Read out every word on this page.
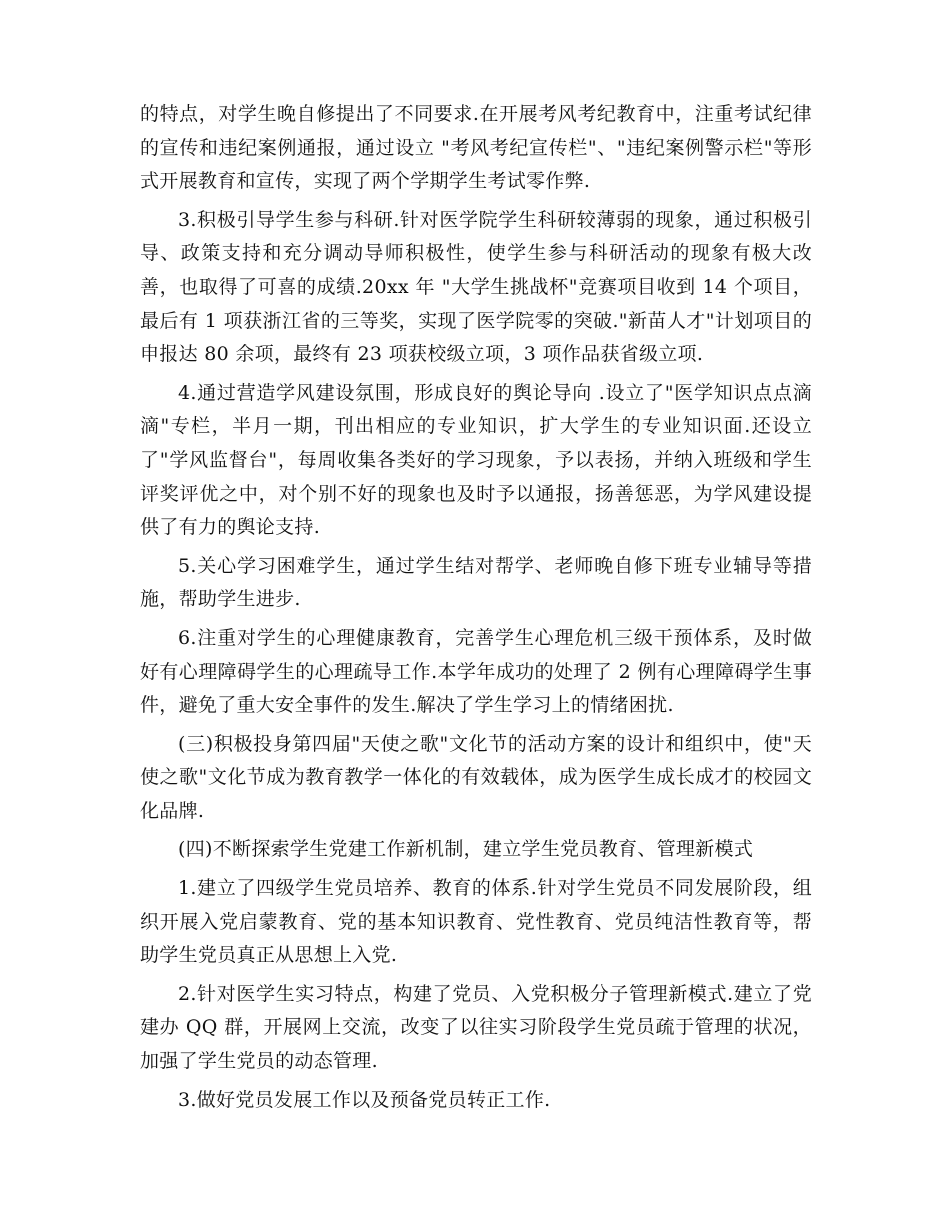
的特点，对学生晚自修提出了不同要求.在开展考风考纪教育中，注重考试纪律的宣传和违纪案例通报，通过设立 "考风考纪宣传栏"、"违纪案例警示栏"等形式开展教育和宣传，实现了两个学期学生考试零作弊.

3.积极引导学生参与科研.针对医学院学生科研较薄弱的现象，通过积极引导、政策支持和充分调动导师积极性，使学生参与科研活动的现象有极大改善，也取得了可喜的成绩.20xx 年 "大学生挑战杯"竞赛项目收到 14 个项目，最后有 1 项获浙江省的三等奖，实现了医学院零的突破."新苗人才"计划项目的申报达 80 余项，最终有 23 项获校级立项，3 项作品获省级立项.

4.通过营造学风建设氛围，形成良好的舆论导向 .设立了"医学知识点点滴滴"专栏，半月一期，刊出相应的专业知识，扩大学生的专业知识面.还设立了"学风监督台"，每周收集各类好的学习现象，予以表扬，并纳入班级和学生评奖评优之中，对个别不好的现象也及时予以通报，扬善惩恶，为学风建设提供了有力的舆论支持.

5.关心学习困难学生，通过学生结对帮学、老师晚自修下班专业辅导等措施，帮助学生进步.

6.注重对学生的心理健康教育，完善学生心理危机三级干预体系，及时做好有心理障碍学生的心理疏导工作.本学年成功的处理了 2 例有心理障碍学生事件，避免了重大安全事件的发生.解决了学生学习上的情绪困扰.

(三)积极投身第四届"天使之歌"文化节的活动方案的设计和组织中，使"天使之歌"文化节成为教育教学一体化的有效载体，成为医学生成长成才的校园文化品牌.

(四)不断探索学生党建工作新机制，建立学生党员教育、管理新模式

1.建立了四级学生党员培养、教育的体系.针对学生党员不同发展阶段，组织开展入党启蒙教育、党的基本知识教育、党性教育、党员纯洁性教育等，帮助学生党员真正从思想上入党.

2.针对医学生实习特点，构建了党员、入党积极分子管理新模式.建立了党建办 QQ 群，开展网上交流，改变了以往实习阶段学生党员疏于管理的状况，加强了学生党员的动态管理.

3.做好党员发展工作以及预备党员转正工作.
